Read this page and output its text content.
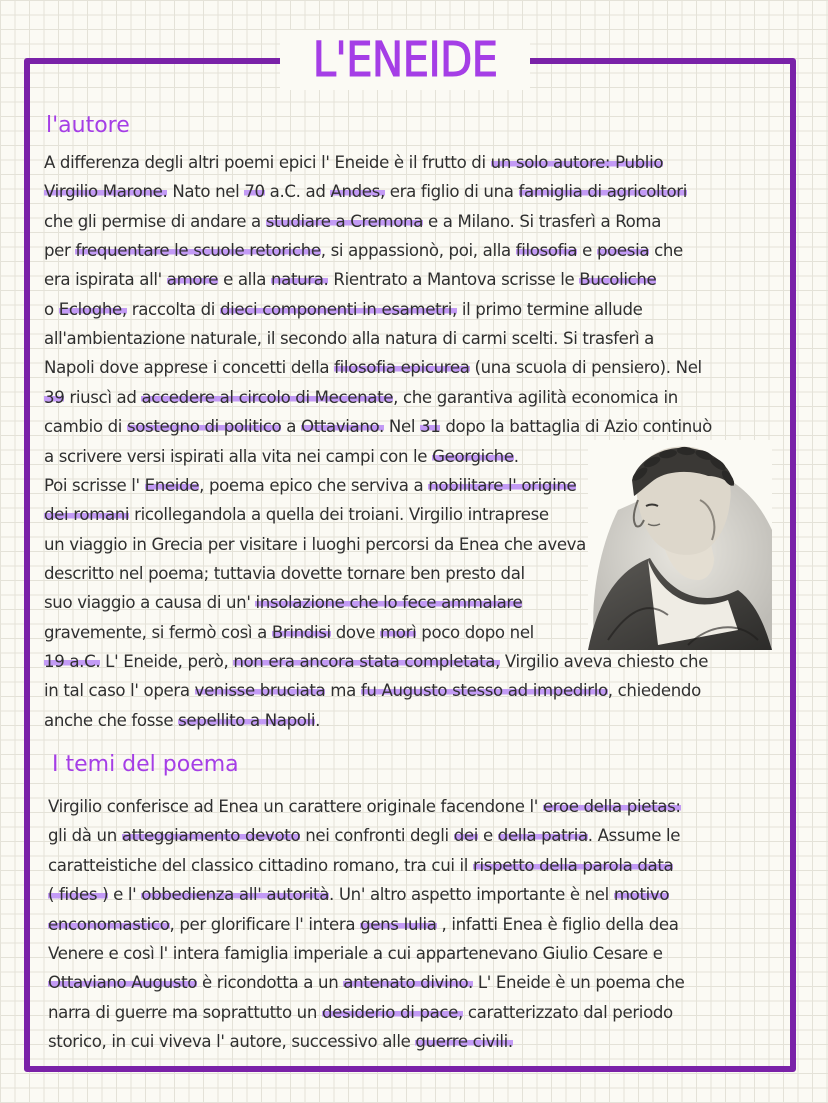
L'ENEIDE
l'autore
A differenza degli altri poemi epici l' Eneide è il frutto di un solo autore: Publio
Virgilio Marone. Nato nel 70 a.C. ad Andes, era figlio di una famiglia di agricoltori
che gli permise di andare a studiare a Cremona e a Milano. Si trasferì a Roma
per frequentare le scuole retoriche, si appassionò, poi, alla filosofia e poesia che
era ispirata all' amore e alla natura. Rientrato a Mantova scrisse le Bucoliche
o Ecloghe, raccolta di dieci componenti in esametri, il primo termine allude
all'ambientazione naturale, il secondo alla natura di carmi scelti. Si trasferì a
Napoli dove apprese i concetti della filosofia epicurea (una scuola di pensiero). Nel
39 riuscì ad accedere al circolo di Mecenate, che garantiva agilità economica in
cambio di sostegno di politico a Ottaviano. Nel 31 dopo la battaglia di Azio continuò
a scrivere versi ispirati alla vita nei campi con le Georgiche.
Poi scrisse l' Eneide, poema epico che serviva a nobilitare l' origine
dei romani ricollegandola a quella dei troiani. Virgilio intraprese
un viaggio in Grecia per visitare i luoghi percorsi da Enea che aveva
descritto nel poema; tuttavia dovette tornare ben presto dal
suo viaggio a causa di un' insolazione che lo fece ammalare
gravemente, si fermò così a Brindisi dove morì poco dopo nel
19 a.C. L' Eneide, però, non era ancora stata completata, Virgilio aveva chiesto che
in tal caso l' opera venisse bruciata ma fu Augusto stesso ad impedirlo, chiedendo
anche che fosse sepellito a Napoli.
I temi del poema
Virgilio conferisce ad Enea un carattere originale facendone l' eroe della pietas:
gli dà un atteggiamento devoto nei confronti degli dei e della patria. Assume le
caratteistiche del classico cittadino romano, tra cui il rispetto della parola data
( fides ) e l' obbedienza all' autorità. Un' altro aspetto importante è nel motivo
enconomastico, per glorificare l' intera gens Iulia , infatti Enea è figlio della dea
Venere e così l' intera famiglia imperiale a cui appartenevano Giulio Cesare e
Ottaviano Augusto è ricondotta a un antenato divino. L' Eneide è un poema che
narra di guerre ma soprattutto un desiderio di pace, caratterizzato dal periodo
storico, in cui viveva l' autore, successivo alle guerre civili.
